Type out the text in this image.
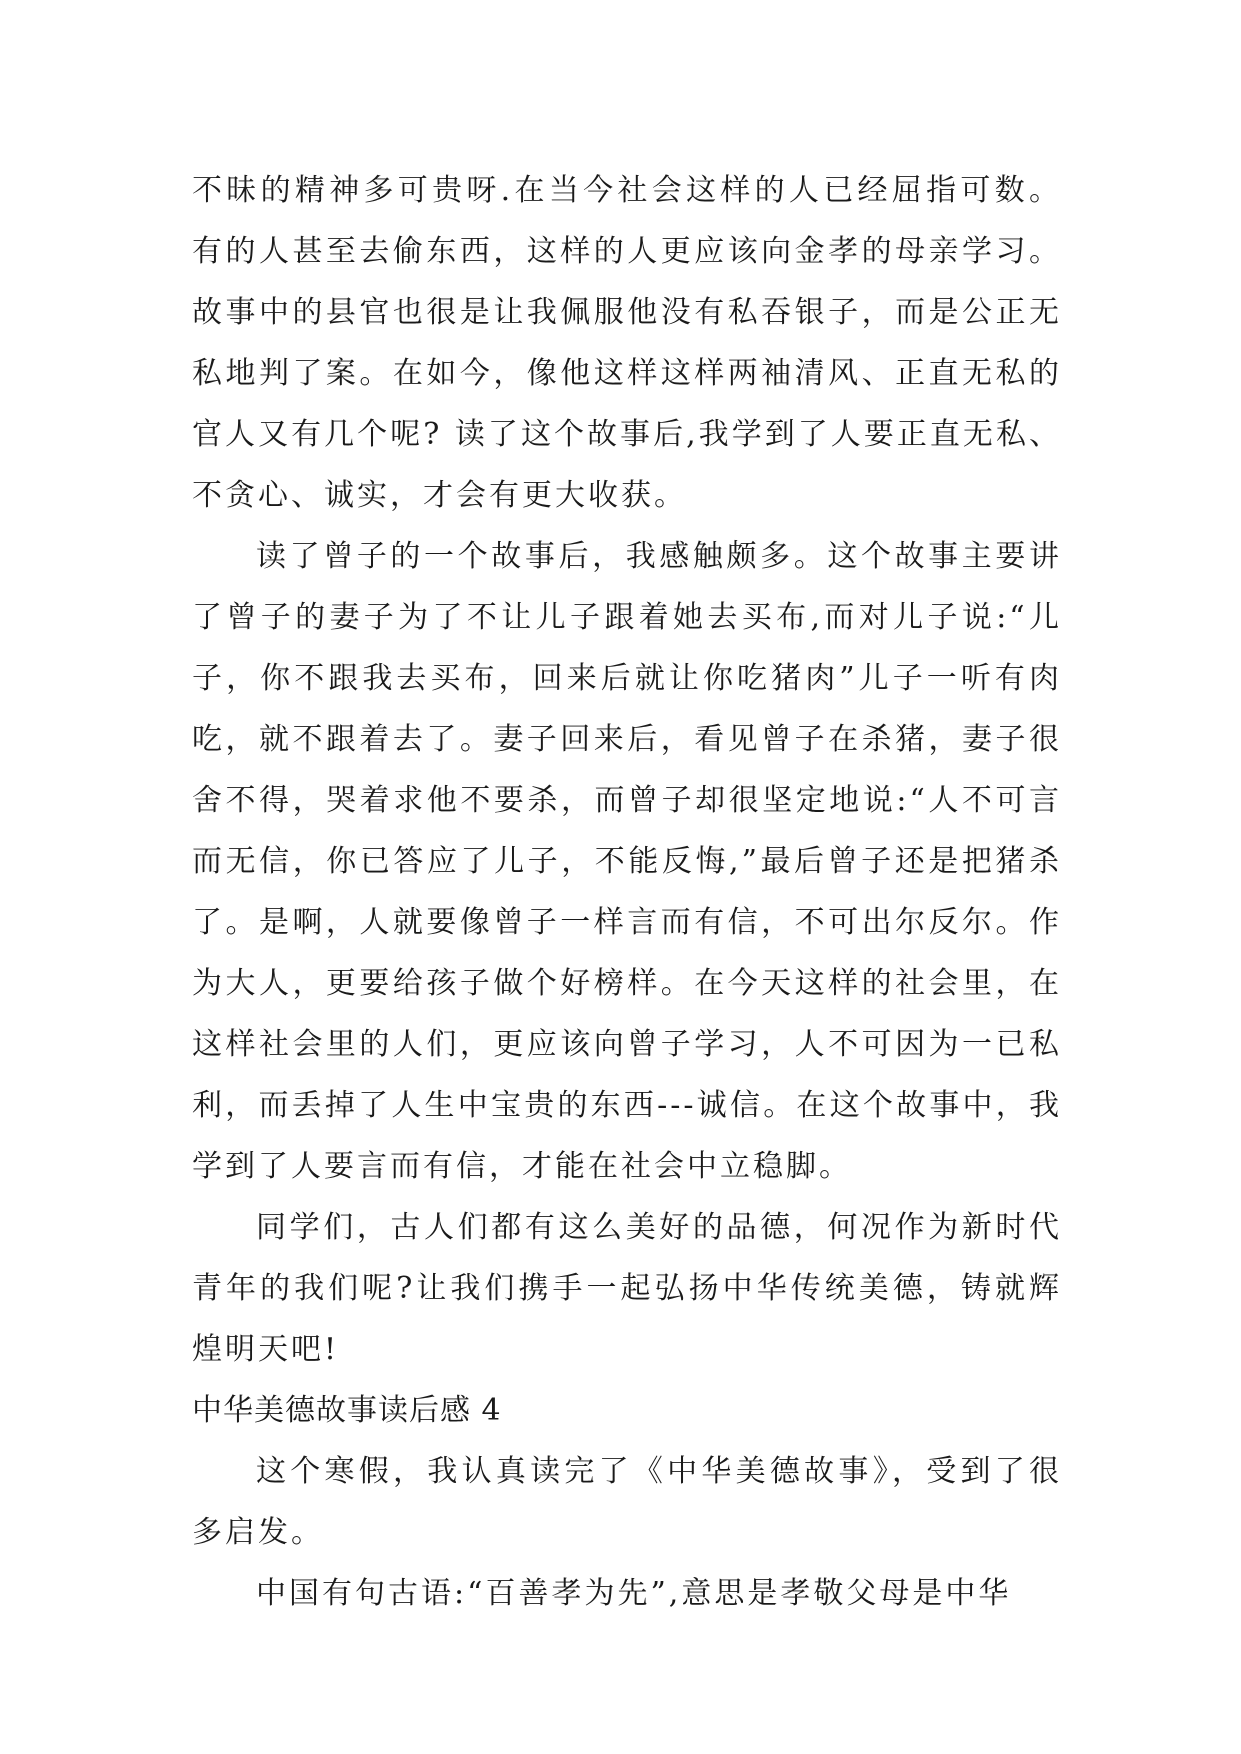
不昧的精神多可贵呀.在当今社会这样的人已经屈指可数。有的人甚至去偷东西，这样的人更应该向金孝的母亲学习。故事中的县官也很是让我佩服他没有私吞银子，而是公正无私地判了案。在如今，像他这样这样两袖清风、正直无私的官人又有几个呢? 读了这个故事后,我学到了人要正直无私、不贪心、诚实，才会有更大收获。

读了曾子的一个故事后，我感触颇多。这个故事主要讲了曾子的妻子为了不让儿子跟着她去买布,而对儿子说:“儿子，你不跟我去买布，回来后就让你吃猪肉”儿子一听有肉吃，就不跟着去了。妻子回来后，看见曾子在杀猪，妻子很舍不得，哭着求他不要杀，而曾子却很坚定地说:“人不可言而无信，你已答应了儿子，不能反悔,”最后曾子还是把猪杀了。是啊，人就要像曾子一样言而有信，不可出尔反尔。作为大人，更要给孩子做个好榜样。在今天这样的社会里，在这样社会里的人们，更应该向曾子学习，人不可因为一已私利，而丢掉了人生中宝贵的东西---诚信。在这个故事中，我学到了人要言而有信，才能在社会中立稳脚。

同学们，古人们都有这么美好的品德，何况作为新时代青年的我们呢?让我们携手一起弘扬中华传统美德，铸就辉煌明天吧!

中华美德故事读后感 4

这个寒假，我认真读完了《中华美德故事》，受到了很多启发。

中国有句古语:“百善孝为先”,意思是孝敬父母是中华
